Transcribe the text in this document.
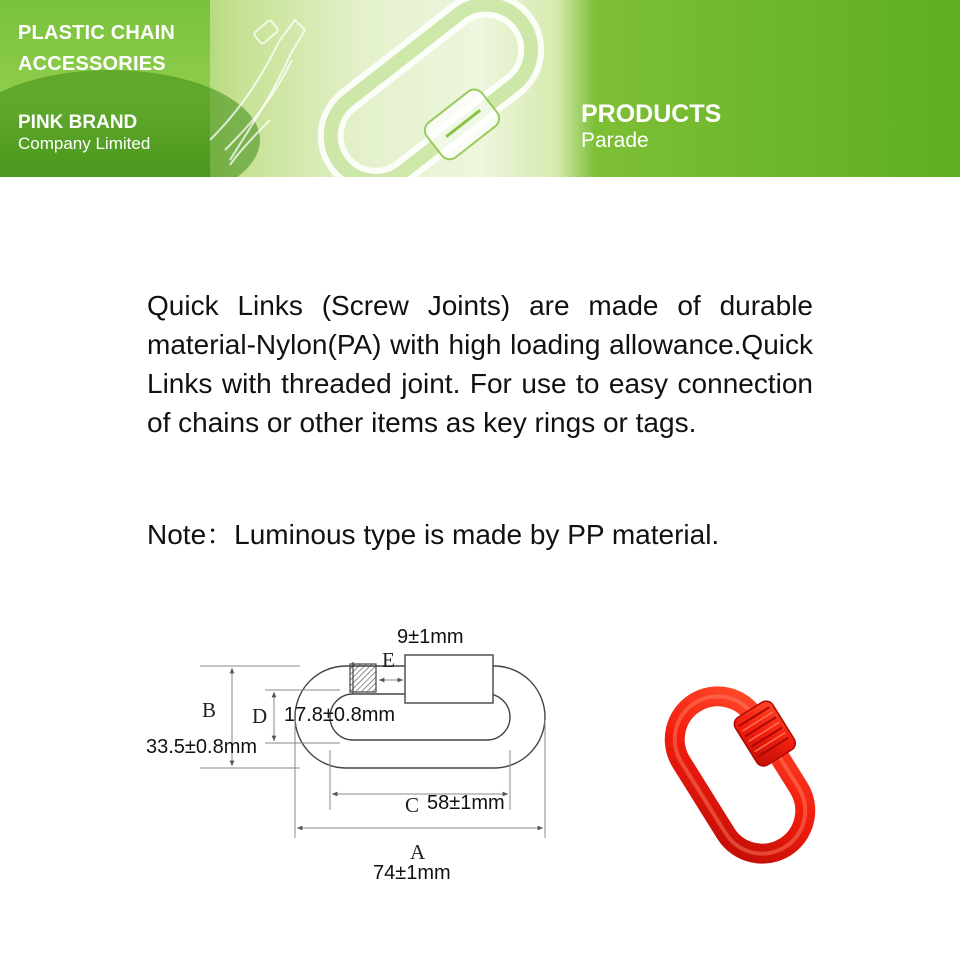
PLASTIC CHAIN
ACCESSORIES
PINK BRAND
Company Limited
PRODUCTS
Parade

Quick Links (Screw Joints) are made of durable material-Nylon(PA) with high loading allowance.Quick Links with threaded joint. For use to easy connection of chains or other items as key rings or tags.

Note：Luminous type is made by PP material.

9±1mm
E
B D 17.8±0.8mm
33.5±0.8mm
C 58±1mm
A
74±1mm
